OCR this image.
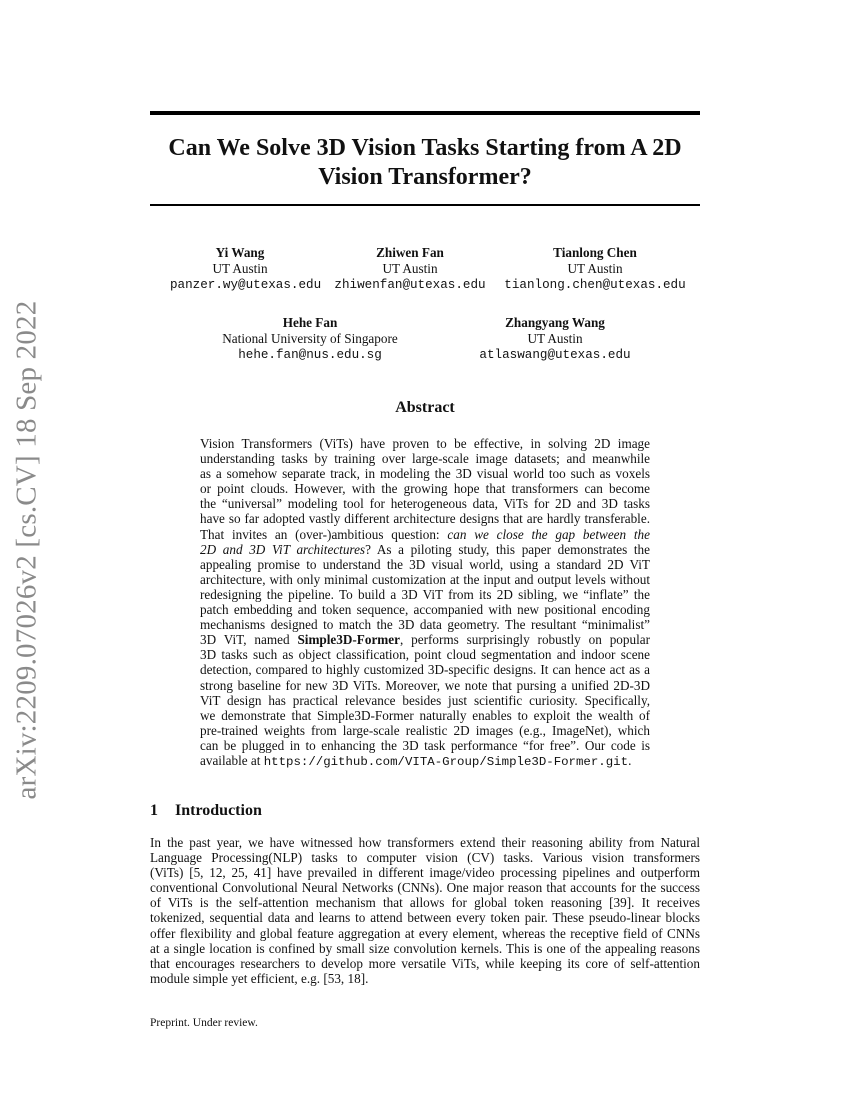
Can We Solve 3D Vision Tasks Starting from A 2D
Vision Transformer?
arXiv:2209.07026v2 [cs.CV] 18 Sep 2022
Yi Wang
UT Austin
panzer.wy@utexas.edu
Zhiwen Fan
UT Austin
zhiwenfan@utexas.edu
Tianlong Chen
UT Austin
tianlong.chen@utexas.edu
Hehe Fan
National University of Singapore
hehe.fan@nus.edu.sg
Zhangyang Wang
UT Austin
atlaswang@utexas.edu
Abstract
Vision Transformers (ViTs) have proven to be effective, in solving 2D image
understanding tasks by training over large-scale image datasets; and meanwhile
as a somehow separate track, in modeling the 3D visual world too such as voxels
or point clouds. However, with the growing hope that transformers can become
the “universal” modeling tool for heterogeneous data, ViTs for 2D and 3D tasks
have so far adopted vastly different architecture designs that are hardly transferable.
That invites an (over-)ambitious question: can we close the gap between the
2D and 3D ViT architectures? As a piloting study, this paper demonstrates the
appealing promise to understand the 3D visual world, using a standard 2D ViT
architecture, with only minimal customization at the input and output levels without
redesigning the pipeline. To build a 3D ViT from its 2D sibling, we “inflate” the
patch embedding and token sequence, accompanied with new positional encoding
mechanisms designed to match the 3D data geometry. The resultant “minimalist”
3D ViT, named Simple3D-Former, performs surprisingly robustly on popular
3D tasks such as object classification, point cloud segmentation and indoor scene
detection, compared to highly customized 3D-specific designs. It can hence act as a
strong baseline for new 3D ViTs. Moreover, we note that pursing a unified 2D-3D
ViT design has practical relevance besides just scientific curiosity. Specifically,
we demonstrate that Simple3D-Former naturally enables to exploit the wealth of
pre-trained weights from large-scale realistic 2D images (e.g., ImageNet), which
can be plugged in to enhancing the 3D task performance “for free”. Our code is
available at https://github.com/VITA-Group/Simple3D-Former.git.
1 Introduction
In the past year, we have witnessed how transformers extend their reasoning ability from Natural
Language Processing(NLP) tasks to computer vision (CV) tasks. Various vision transformers
(ViTs) [5, 12, 25, 41] have prevailed in different image/video processing pipelines and outperform
conventional Convolutional Neural Networks (CNNs). One major reason that accounts for the success
of ViTs is the self-attention mechanism that allows for global token reasoning [39]. It receives
tokenized, sequential data and learns to attend between every token pair. These pseudo-linear blocks
offer flexibility and global feature aggregation at every element, whereas the receptive field of CNNs
at a single location is confined by small size convolution kernels. This is one of the appealing reasons
that encourages researchers to develop more versatile ViTs, while keeping its core of self-attention
module simple yet efficient, e.g. [53, 18].
Preprint. Under review.
